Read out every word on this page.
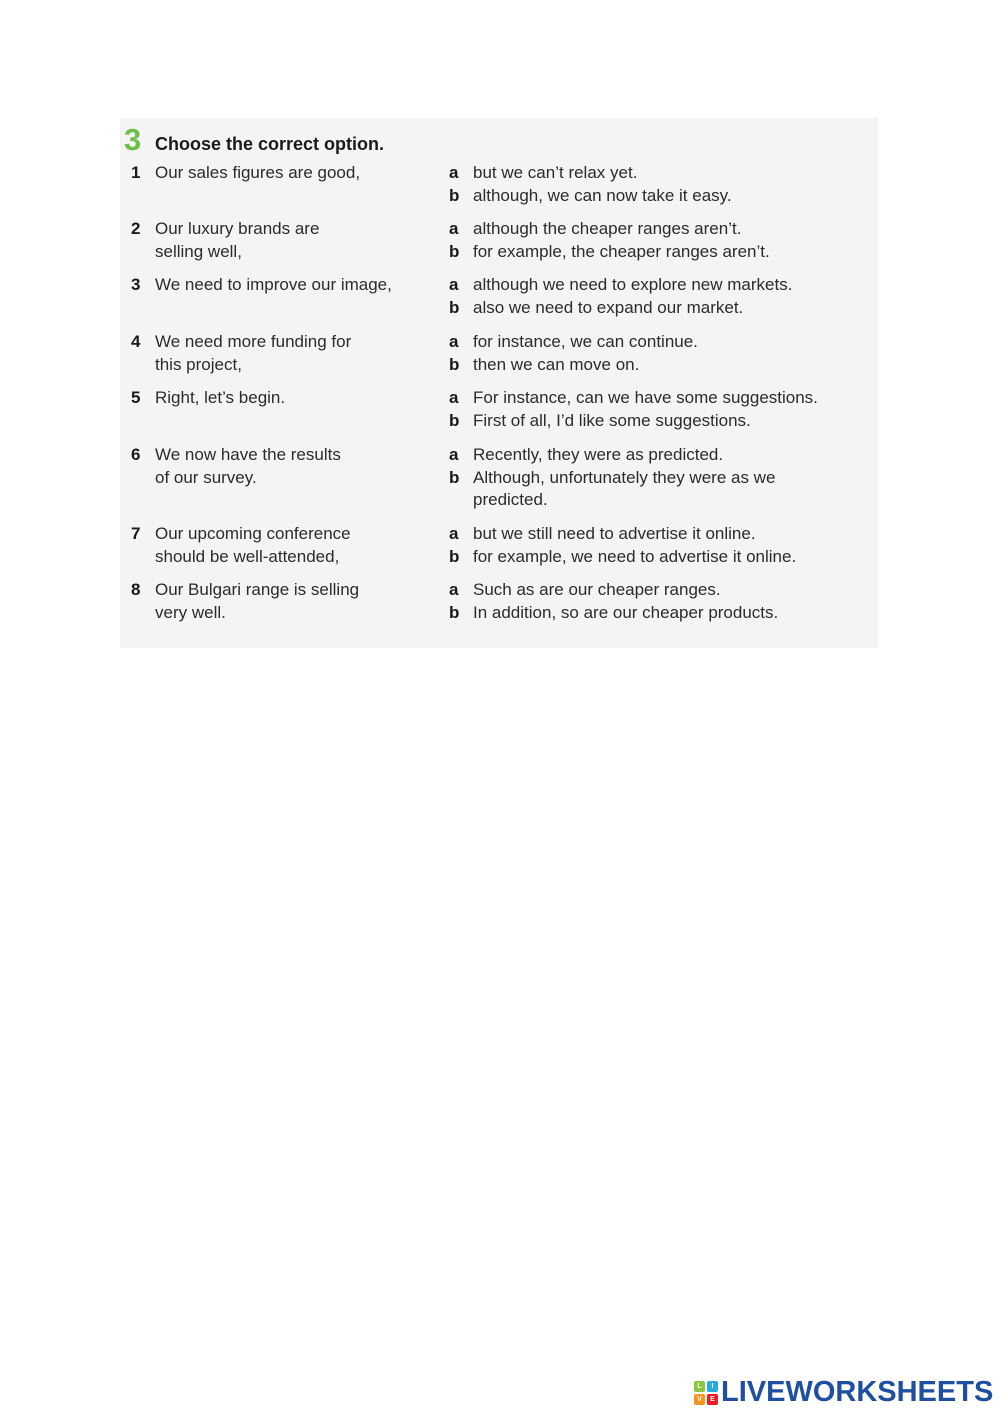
3 Choose the correct option.
1 Our sales figures are good,	a but we can’t relax yet.
b although, we can now take it easy.
2 Our luxury brands are
selling well,
a although the cheaper ranges aren’t.
b for example, the cheaper ranges aren’t.
3 We need to improve our image,	a although we need to explore new markets.
b also we need to expand our market.
4 We need more funding for
this project,
a for instance, we can continue.
b then we can move on.
5 Right, let’s begin.	a For instance, can we have some suggestions.
b First of all, I’d like some suggestions.
6 We now have the results
of our survey.
a Recently, they were as predicted.
b Although, unfortunately they were as we predicted.
7 Our upcoming conference
should be well-attended,
a but we still need to advertise it online.
b for example, we need to advertise it online.
8 Our Bulgari range is selling
very well.
a Such as are our cheaper ranges.
b In addition, so are our cheaper products.
L	I
V	E LIVEWORKSHEETS
